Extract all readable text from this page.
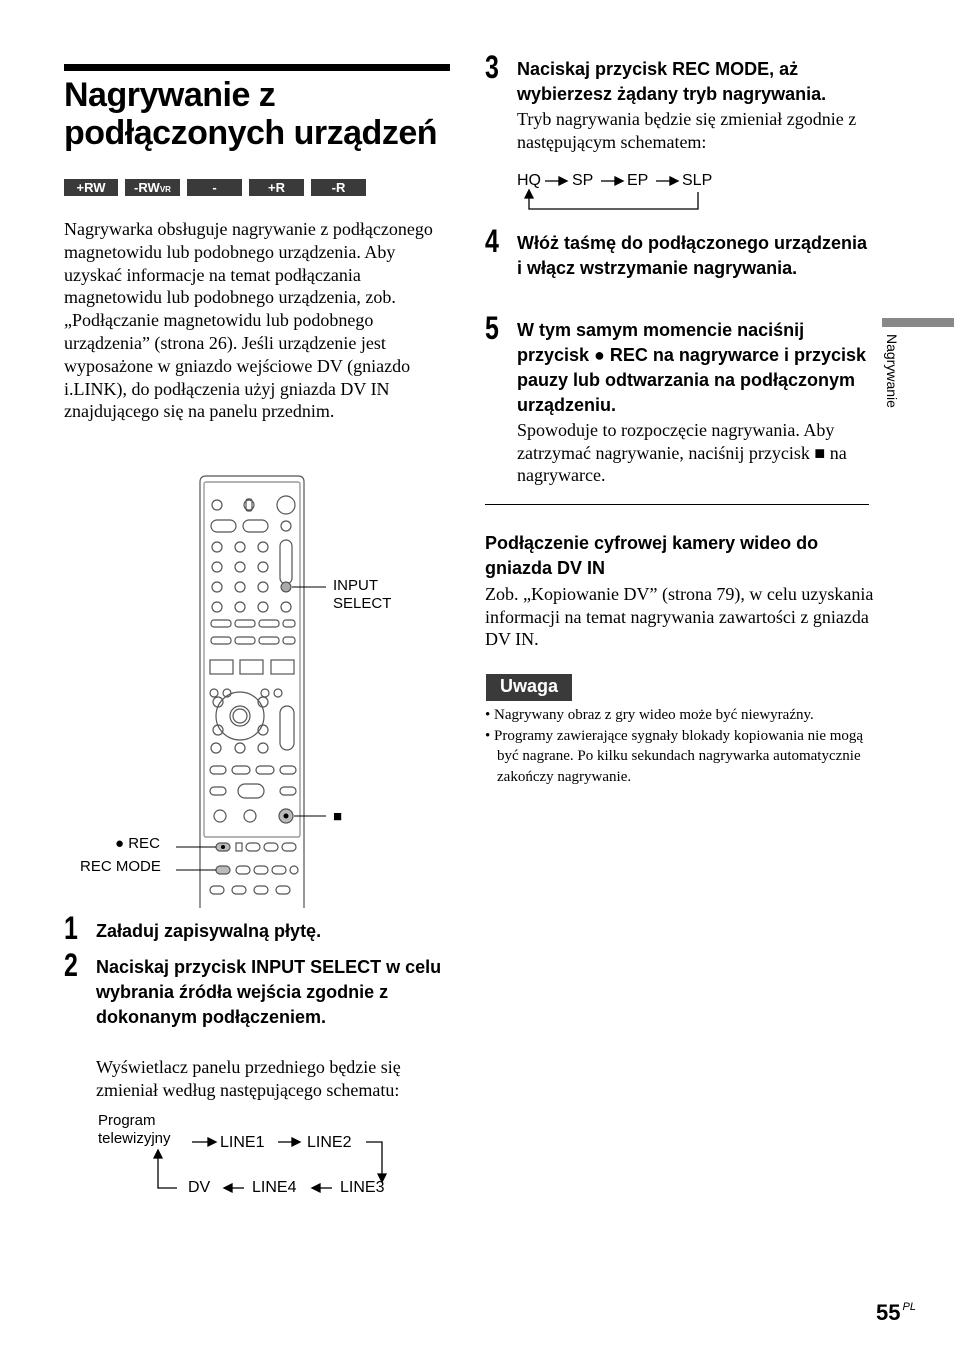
Nagrywanie z
podłączonych urządzeń
+RW	-RWVR	-RWVideo
+R	-R
Nagrywarka obsługuje nagrywanie z podłączonego magnetowidu lub podobnego urządzenia. Aby uzyskać informacje na temat podłączania magnetowidu lub podobnego urządzenia, zob. „Podłączanie magnetowidu lub podobnego urządzenia” (strona 26). Jeśli urządzenie jest wyposażone w gniazdo wejściowe DV (gniazdo i.LINK), do podłączenia użyj gniazda DV IN znajdującego się na panelu przednim.
INPUT
SELECT
■
● REC
REC MODE
1 Załaduj zapisywalną płytę.
2 Naciskaj przycisk INPUT SELECT w celu wybrania źródła wejścia zgodnie z dokonanym podłączeniem.
Wyświetlacz panelu przedniego będzie się zmieniał według następującego schematu:
Program
telewizyjny	LINE1	LINE2
LINE3
LINE4
DV
3 Naciskaj przycisk REC MODE, aż wybierzesz żądany tryb nagrywania.
Tryb nagrywania będzie się zmieniał zgodnie z następującym schematem:
HQ SP EP SLP
4 Włóż taśmę do podłączonego urządzenia i włącz wstrzymanie nagrywania.
5 W tym samym momencie naciśnij przycisk ● REC na nagrywarce i przycisk pauzy lub odtwarzania na podłączonym urządzeniu.
Spowoduje to rozpoczęcie nagrywania. Aby zatrzymać nagrywanie, naciśnij przycisk ■ na nagrywarce.
Nagrywanie
Podłączenie cyfrowej kamery wideo do gniazda DV IN
Zob. „Kopiowanie DV” (strona 79), w celu uzyskania informacji na temat nagrywania zawartości z gniazda DV IN.
Uwaga
• Nagrywany obraz z gry wideo może być niewyraźny.
• Programy zawierające sygnały blokady kopiowania nie mogą być nagrane. Po kilku sekundach nagrywarka automatycznie zakończy nagrywanie.
55 $^{PL}$
